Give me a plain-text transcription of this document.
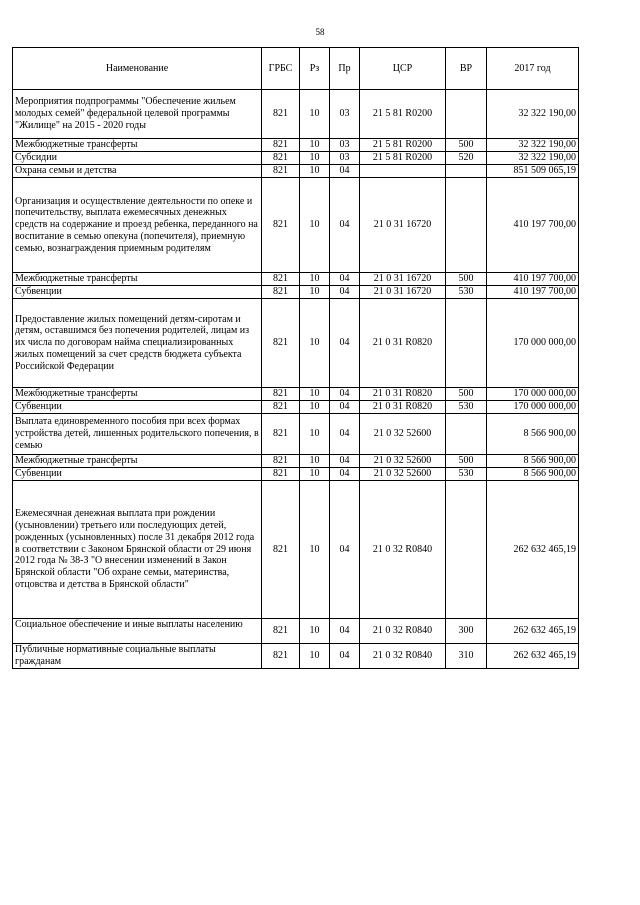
58
Наименование	ГРБС	Рз	Пр	ЦСР	ВР	2017 год
Мероприятия подпрограммы "Обеспечение жильем молодых семей" федеральной целевой программы "Жилище" на 2015 - 2020 годы	821	10	03	21 5 81 R0200		32 322 190,00
Межбюджетные трансферты	821	10	03	21 5 81 R0200	500	32 322 190,00
Субсидии	821	10	03	21 5 81 R0200	520	32 322 190,00
Охрана семьи и детства	821	10	04			851 509 065,19
Организация и осуществление деятельности по опеке и попечительству, выплата ежемесячных денежных средств на содержание и проезд ребенка, переданного на воспитание в семью опекуна (попечителя), приемную семью, вознаграждения приемным родителям	821	10	04	21 0 31 16720		410 197 700,00
Межбюджетные трансферты	821	10	04	21 0 31 16720	500	410 197 700,00
Субвенции	821	10	04	21 0 31 16720	530	410 197 700,00
Предоставление жилых помещений детям-сиротам и детям, оставшимся без попечения родителей, лицам из их числа по договорам найма специализированных жилых помещений за счет средств бюджета субъекта Российской Федерации	821	10	04	21 0 31 R0820		170 000 000,00
Межбюджетные трансферты	821	10	04	21 0 31 R0820	500	170 000 000,00
Субвенции	821	10	04	21 0 31 R0820	530	170 000 000,00
Выплата единовременного пособия при всех формах устройства детей, лишенных родительского попечения, в семью	821	10	04	21 0 32 52600		8 566 900,00
Межбюджетные трансферты	821	10	04	21 0 32 52600	500	8 566 900,00
Субвенции	821	10	04	21 0 32 52600	530	8 566 900,00
Ежемесячная денежная выплата при рождении (усыновлении) третьего или последующих детей, рожденных (усыновленных) после 31 декабря 2012 года в соответствии с Законом Брянской области от 29 июня 2012 года № 38-З "О внесении изменений в Закон Брянской области "Об охране семьи, материнства, отцовства и детства в Брянской области"	821	10	04	21 0 32 R0840		262 632 465,19
Социальное обеспечение и иные выплаты населению	821	10	04	21 0 32 R0840	300	262 632 465,19
Публичные нормативные социальные выплаты гражданам	821	10	04	21 0 32 R0840	310	262 632 465,19
